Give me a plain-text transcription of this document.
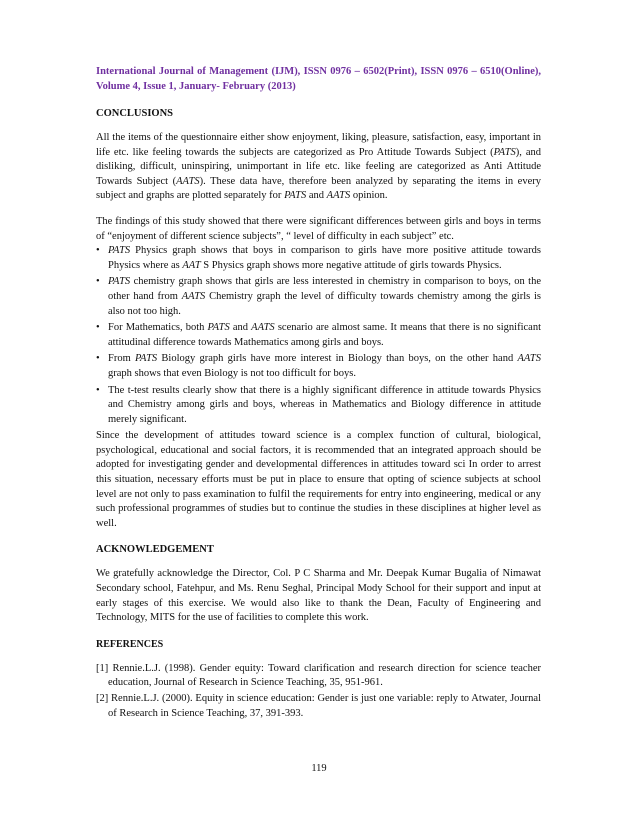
International Journal of Management (IJM), ISSN 0976 – 6502(Print), ISSN 0976 – 6510(Online), Volume 4, Issue 1, January- February (2013)
CONCLUSIONS

All the items of the questionnaire either show enjoyment, liking, pleasure, satisfaction, easy, important in life etc. like feeling towards the subjects are categorized as Pro Attitude Towards Subject (PATS), and disliking, difficult, uninspiring, unimportant in life etc. like feeling are categorized as Anti Attitude Towards Subject (AATS). These data have, therefore been analyzed by separating the items in every subject and graphs are plotted separately for PATS and AATS opinion.

The findings of this study showed that there were significant differences between girls and boys in terms of “enjoyment of different science subjects”, “ level of difficulty in each subject” etc.

• PATS Physics graph shows that boys in comparison to girls have more positive attitude towards Physics where as AAT S Physics graph shows more negative attitude of girls towards Physics.
• PATS chemistry graph shows that girls are less interested in chemistry in comparison to boys, on the other hand from AATS Chemistry graph the level of difficulty towards chemistry among the girls is also not too high.
• For Mathematics, both PATS and AATS scenario are almost same. It means that there is no significant attitudinal difference towards Mathematics among girls and boys.
• From PATS Biology graph girls have more interest in Biology than boys, on the other hand AATS graph shows that even Biology is not too difficult for boys.
• The t-test results clearly show that there is a highly significant difference in attitude towards Physics and Chemistry among girls and boys, whereas in Mathematics and Biology difference in attitude merely significant.

Since the development of attitudes toward science is a complex function of cultural, biological, psychological, educational and social factors, it is recommended that an integrated approach should be adopted for investigating gender and developmental differences in attitudes toward sci In order to arrest this situation, necessary efforts must be put in place to ensure that opting of science subjects at school level are not only to pass examination to fulfil the requirements for entry into engineering, medical or any such professional programmes of studies but to continue the studies in these disciplines at higher level as well.

ACKNOWLEDGEMENT

We gratefully acknowledge the Director, Col. P C Sharma and Mr. Deepak Kumar Bugalia of Nimawat Secondary school, Fatehpur, and Ms. Renu Seghal, Principal Mody School for their support and input at early stages of this exercise. We would also like to thank the Dean, Faculty of Engineering and Technology, MITS for the use of facilities to complete this work.

REFERENCES
[1] Rennie.L.J. (1998). Gender equity: Toward clarification and research direction for science teacher education, Journal of Research in Science Teaching, 35, 951-961.
[2] Rennie.L.J. (2000). Equity in science education: Gender is just one variable: reply to Atwater, Journal of Research in Science Teaching, 37, 391-393.
119
